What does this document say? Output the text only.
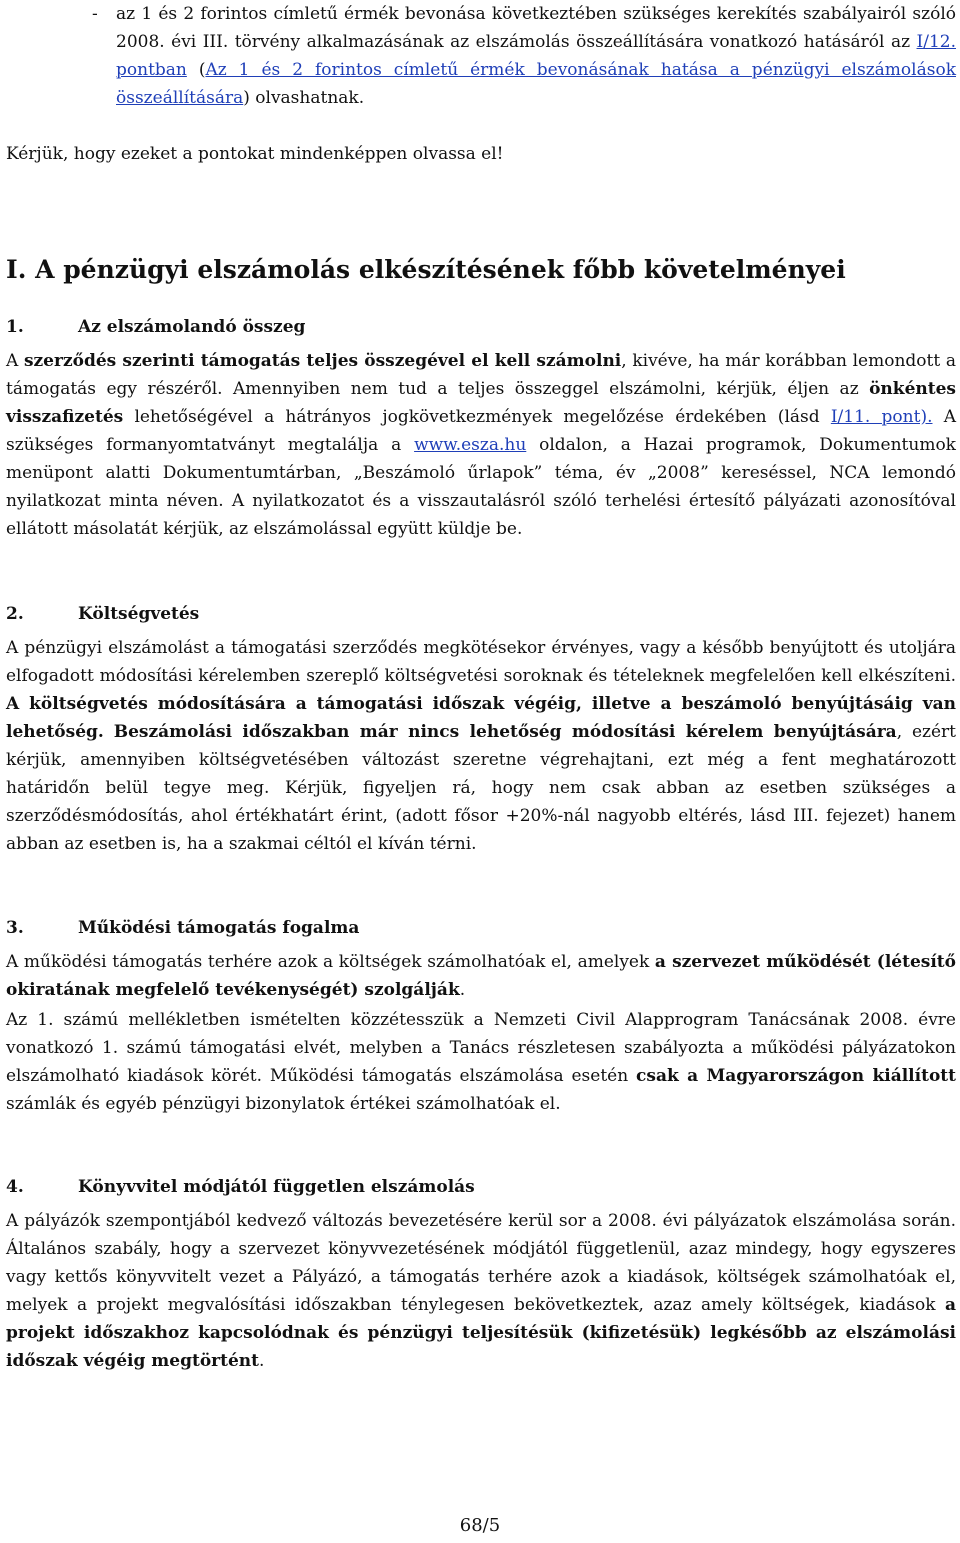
- az 1 és 2 forintos címletű érmék bevonása következtében szükséges kerekítés szabályairól szóló 2008. évi III. törvény alkalmazásának az elszámolás összeállítására vonatkozó hatásáról az I/12. pontban (Az 1 és 2 forintos címletű érmék bevonásának hatása a pénzügyi elszámolások összeállítására) olvashatnak.
Kérjük, hogy ezeket a pontokat mindenképpen olvassa el!
I. A pénzügyi elszámolás elkészítésének főbb követelményei
1.	Az elszámolandó összeg
A szerződés szerinti támogatás teljes összegével el kell számolni, kivéve, ha már korábban lemondott a támogatás egy részéről. Amennyiben nem tud a teljes összeggel elszámolni, kérjük, éljen az önkéntes visszafizetés lehetőségével a hátrányos jogkövetkezmények megelőzése érdekében (lásd I/11. pont). A szükséges formanyomtatványt megtalálja a www.esza.hu oldalon, a Hazai programok, Dokumentumok menüpont alatti Dokumentumtárban, „Beszámoló űrlapok” téma, év „2008” kereséssel, NCA lemondó nyilatkozat minta néven. A nyilatkozatot és a visszautalásról szóló terhelési értesítő pályázati azonosítóval ellátott másolatát kérjük, az elszámolással együtt küldje be.
2.	Költségvetés
A pénzügyi elszámolást a támogatási szerződés megkötésekor érvényes, vagy a később benyújtott és utoljára elfogadott módosítási kérelemben szereplő költségvetési soroknak és tételeknek megfelelően kell elkészíteni. A költségvetés módosítására a támogatási időszak végéig, illetve a beszámoló benyújtásáig van lehetőség. Beszámolási időszakban már nincs lehetőség módosítási kérelem benyújtására, ezért kérjük, amennyiben költségvetésében változást szeretne végrehajtani, ezt még a fent meghatározott határidőn belül tegye meg. Kérjük, figyeljen rá, hogy nem csak abban az esetben szükséges a szerződésmódosítás, ahol értékhatárt érint, (adott fősor +20%-nál nagyobb eltérés, lásd III. fejezet) hanem abban az esetben is, ha a szakmai céltól el kíván térni.
3.	Működési támogatás fogalma
A működési támogatás terhére azok a költségek számolhatóak el, amelyek a szervezet működését (létesítő okiratának megfelelő tevékenységét) szolgálják.
Az 1. számú mellékletben ismételten közzétesszük a Nemzeti Civil Alapprogram Tanácsának 2008. évre vonatkozó 1. számú támogatási elvét, melyben a Tanács részletesen szabályozta a működési pályázatokon elszámolható kiadások körét. Működési támogatás elszámolása esetén csak a Magyarországon kiállított számlák és egyéb pénzügyi bizonylatok értékei számolhatóak el.
4.	Könyvvitel módjától független elszámolás
A pályázók szempontjából kedvező változás bevezetésére kerül sor a 2008. évi pályázatok elszámolása során. Általános szabály, hogy a szervezet könyvvezetésének módjától függetlenül, azaz mindegy, hogy egyszeres vagy kettős könyvvitelt vezet a Pályázó, a támogatás terhére azok a kiadások, költségek számolhatóak el, melyek a projekt megvalósítási időszakban ténylegesen bekövetkeztek, azaz amely költségek, kiadások a projekt időszakhoz kapcsolódnak és pénzügyi teljesítésük (kifizetésük) legkésőbb az elszámolási időszak végéig megtörtént.
68/5
